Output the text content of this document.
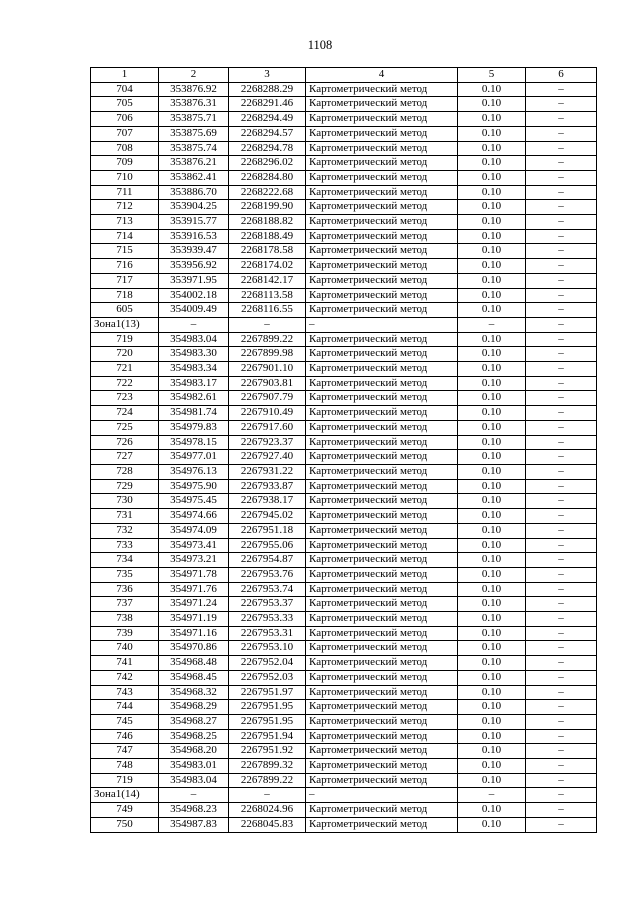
1108
1	2	3	4	5	6
704	353876.92	2268288.29	Картометрический метод	0.10	–
705	353876.31	2268291.46	Картометрический метод	0.10	–
706	353875.71	2268294.49	Картометрический метод	0.10	–
707	353875.69	2268294.57	Картометрический метод	0.10	–
708	353875.74	2268294.78	Картометрический метод	0.10	–
709	353876.21	2268296.02	Картометрический метод	0.10	–
710	353862.41	2268284.80	Картометрический метод	0.10	–
711	353886.70	2268222.68	Картометрический метод	0.10	–
712	353904.25	2268199.90	Картометрический метод	0.10	–
713	353915.77	2268188.82	Картометрический метод	0.10	–
714	353916.53	2268188.49	Картометрический метод	0.10	–
715	353939.47	2268178.58	Картометрический метод	0.10	–
716	353956.92	2268174.02	Картометрический метод	0.10	–
717	353971.95	2268142.17	Картометрический метод	0.10	–
718	354002.18	2268113.58	Картометрический метод	0.10	–
605	354009.49	2268116.55	Картометрический метод	0.10	–
Зона1(13)	–	–	–	–	–
719	354983.04	2267899.22	Картометрический метод	0.10	–
720	354983.30	2267899.98	Картометрический метод	0.10	–
721	354983.34	2267901.10	Картометрический метод	0.10	–
722	354983.17	2267903.81	Картометрический метод	0.10	–
723	354982.61	2267907.79	Картометрический метод	0.10	–
724	354981.74	2267910.49	Картометрический метод	0.10	–
725	354979.83	2267917.60	Картометрический метод	0.10	–
726	354978.15	2267923.37	Картометрический метод	0.10	–
727	354977.01	2267927.40	Картометрический метод	0.10	–
728	354976.13	2267931.22	Картометрический метод	0.10	–
729	354975.90	2267933.87	Картометрический метод	0.10	–
730	354975.45	2267938.17	Картометрический метод	0.10	–
731	354974.66	2267945.02	Картометрический метод	0.10	–
732	354974.09	2267951.18	Картометрический метод	0.10	–
733	354973.41	2267955.06	Картометрический метод	0.10	–
734	354973.21	2267954.87	Картометрический метод	0.10	–
735	354971.78	2267953.76	Картометрический метод	0.10	–
736	354971.76	2267953.74	Картометрический метод	0.10	–
737	354971.24	2267953.37	Картометрический метод	0.10	–
738	354971.19	2267953.33	Картометрический метод	0.10	–
739	354971.16	2267953.31	Картометрический метод	0.10	–
740	354970.86	2267953.10	Картометрический метод	0.10	–
741	354968.48	2267952.04	Картометрический метод	0.10	–
742	354968.45	2267952.03	Картометрический метод	0.10	–
743	354968.32	2267951.97	Картометрический метод	0.10	–
744	354968.29	2267951.95	Картометрический метод	0.10	–
745	354968.27	2267951.95	Картометрический метод	0.10	–
746	354968.25	2267951.94	Картометрический метод	0.10	–
747	354968.20	2267951.92	Картометрический метод	0.10	–
748	354983.01	2267899.32	Картометрический метод	0.10	–
719	354983.04	2267899.22	Картометрический метод	0.10	–
Зона1(14)	–	–	–	–	–
749	354968.23	2268024.96	Картометрический метод	0.10	–
750	354987.83	2268045.83	Картометрический метод	0.10	–
